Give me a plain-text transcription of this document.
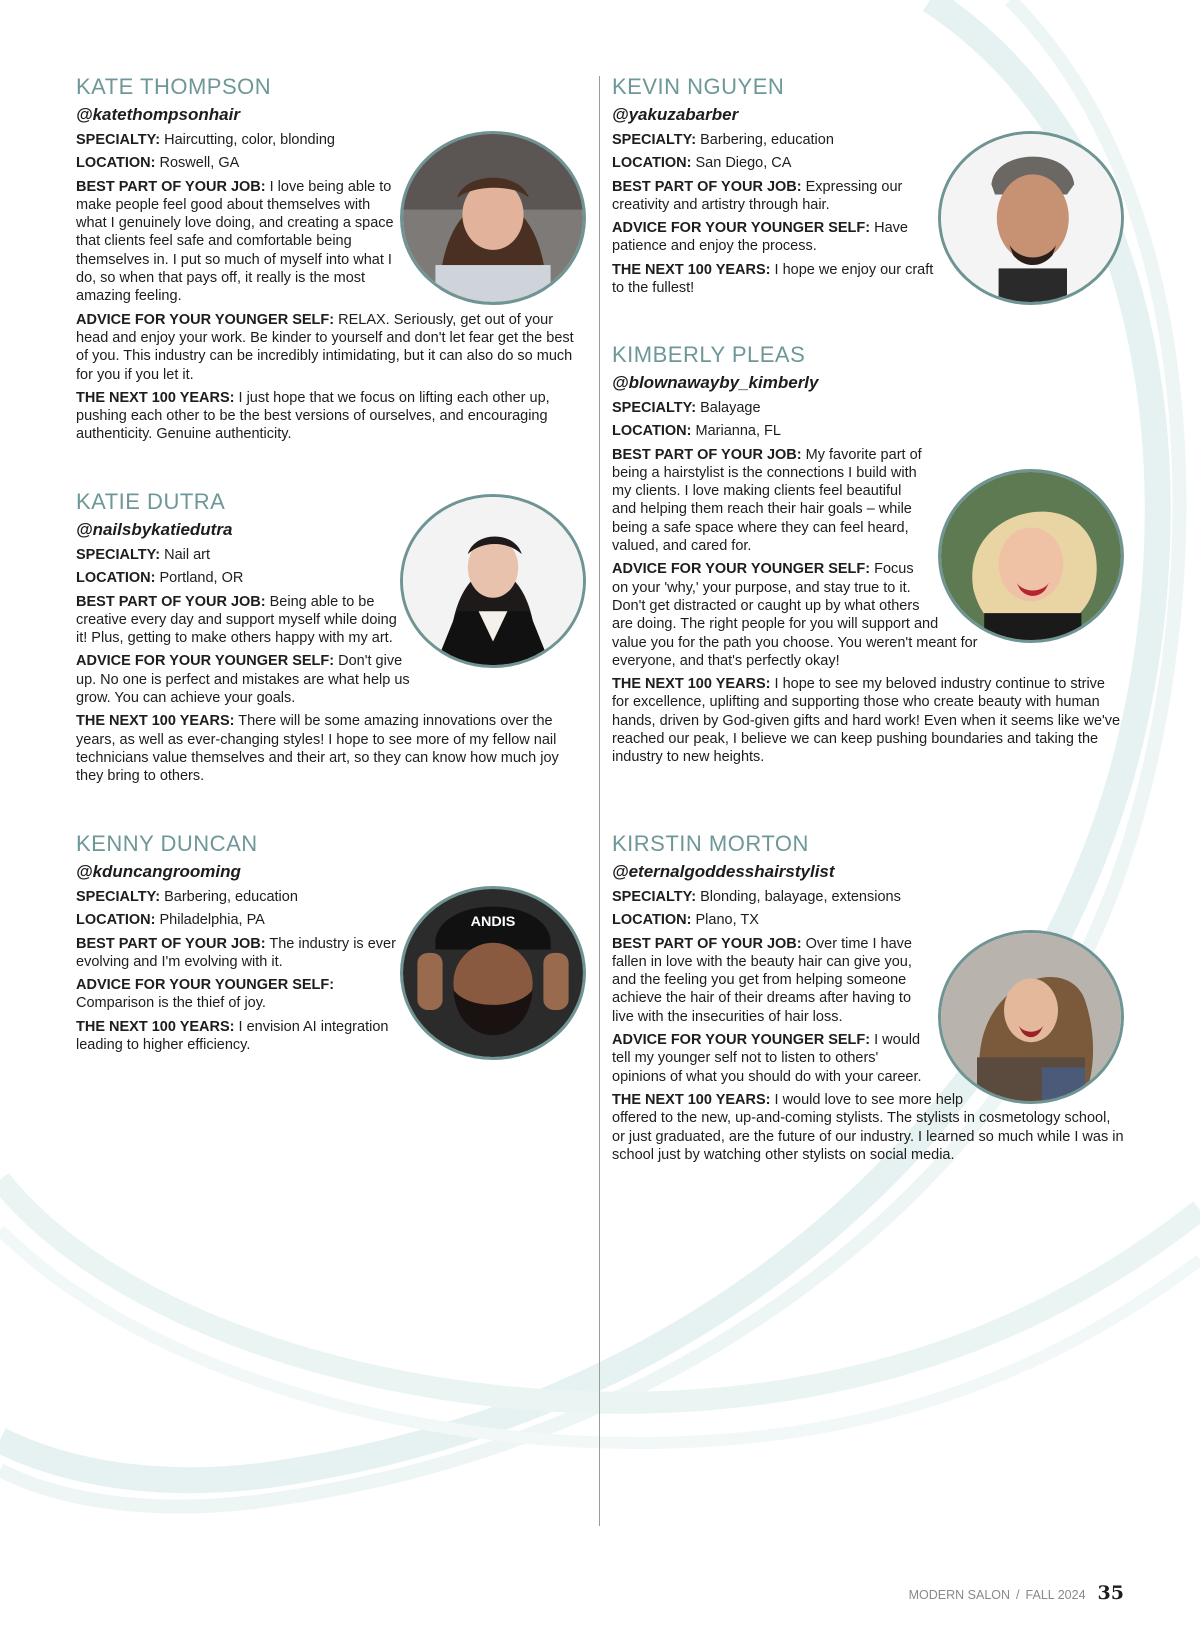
KATE THOMPSON
@katethompsonhair
SPECIALTY: Haircutting, color, blonding
LOCATION: Roswell, GA
BEST PART OF YOUR JOB: I love being able to make people feel good about themselves with what I genuinely love doing, and creating a space that clients feel safe and comfortable being themselves in. I put so much of myself into what I do, so when that pays off, it really is the most amazing feeling.
ADVICE FOR YOUR YOUNGER SELF: RELAX. Seriously, get out of your head and enjoy your work. Be kinder to yourself and don't let fear get the best of you. This industry can be incredibly intimidating, but it can also do so much for you if you let it.
THE NEXT 100 YEARS: I just hope that we focus on lifting each other up, pushing each other to be the best versions of ourselves, and encouraging authenticity. Genuine authenticity.
KATIE DUTRA
@nailsbykatiedutra
SPECIALTY: Nail art
LOCATION: Portland, OR
BEST PART OF YOUR JOB: Being able to be creative every day and support myself while doing it! Plus, getting to make others happy with my art.
ADVICE FOR YOUR YOUNGER SELF: Don't give up. No one is perfect and mistakes are what help us grow. You can achieve your goals.
THE NEXT 100 YEARS: There will be some amazing innovations over the years, as well as ever-changing styles! I hope to see more of my fellow nail technicians value themselves and their art, so they can know how much joy they bring to others.
KENNY DUNCAN
@kduncangrooming
ANDIS
SPECIALTY: Barbering, education
LOCATION: Philadelphia, PA
BEST PART OF YOUR JOB: The industry is ever evolving and I'm evolving with it.
ADVICE FOR YOUR YOUNGER SELF: Comparison is the thief of joy.
THE NEXT 100 YEARS: I envision AI integration leading to higher efficiency.
KEVIN NGUYEN
@yakuzabarber
SPECIALTY: Barbering, education
LOCATION: San Diego, CA
BEST PART OF YOUR JOB: Expressing our creativity and artistry through hair.
ADVICE FOR YOUR YOUNGER SELF: Have patience and enjoy the process.
THE NEXT 100 YEARS: I hope we enjoy our craft to the fullest!
KIMBERLY PLEAS
@blownawayby_kimberly
SPECIALTY: Balayage
LOCATION: Marianna, FL
BEST PART OF YOUR JOB: My favorite part of being a hairstylist is the connections I build with my clients. I love making clients feel beautiful and helping them reach their hair goals – while being a safe space where they can feel heard, valued, and cared for.
ADVICE FOR YOUR YOUNGER SELF: Focus on your 'why,' your purpose, and stay true to it. Don't get distracted or caught up by what others are doing. The right people for you will support and value you for the path you choose. You weren't meant for everyone, and that's perfectly okay!
THE NEXT 100 YEARS: I hope to see my beloved industry continue to strive for excellence, uplifting and supporting those who create beauty with human hands, driven by God-given gifts and hard work! Even when it seems like we've reached our peak, I believe we can keep pushing boundaries and taking the industry to new heights.
KIRSTIN MORTON
@eternalgoddesshairstylist
SPECIALTY: Blonding, balayage, extensions
LOCATION: Plano, TX
BEST PART OF YOUR JOB: Over time I have fallen in love with the beauty hair can give you, and the feeling you get from helping someone achieve the hair of their dreams after having to live with the insecurities of hair loss.
ADVICE FOR YOUR YOUNGER SELF: I would tell my younger self not to listen to others' opinions of what you should do with your career.
THE NEXT 100 YEARS: I would love to see more help offered to the new, up-and-coming stylists. The stylists in cosmetology school, or just graduated, are the future of our industry. I learned so much while I was in school just by watching other stylists on social media.
MODERN SALON / FALL 2024 35
